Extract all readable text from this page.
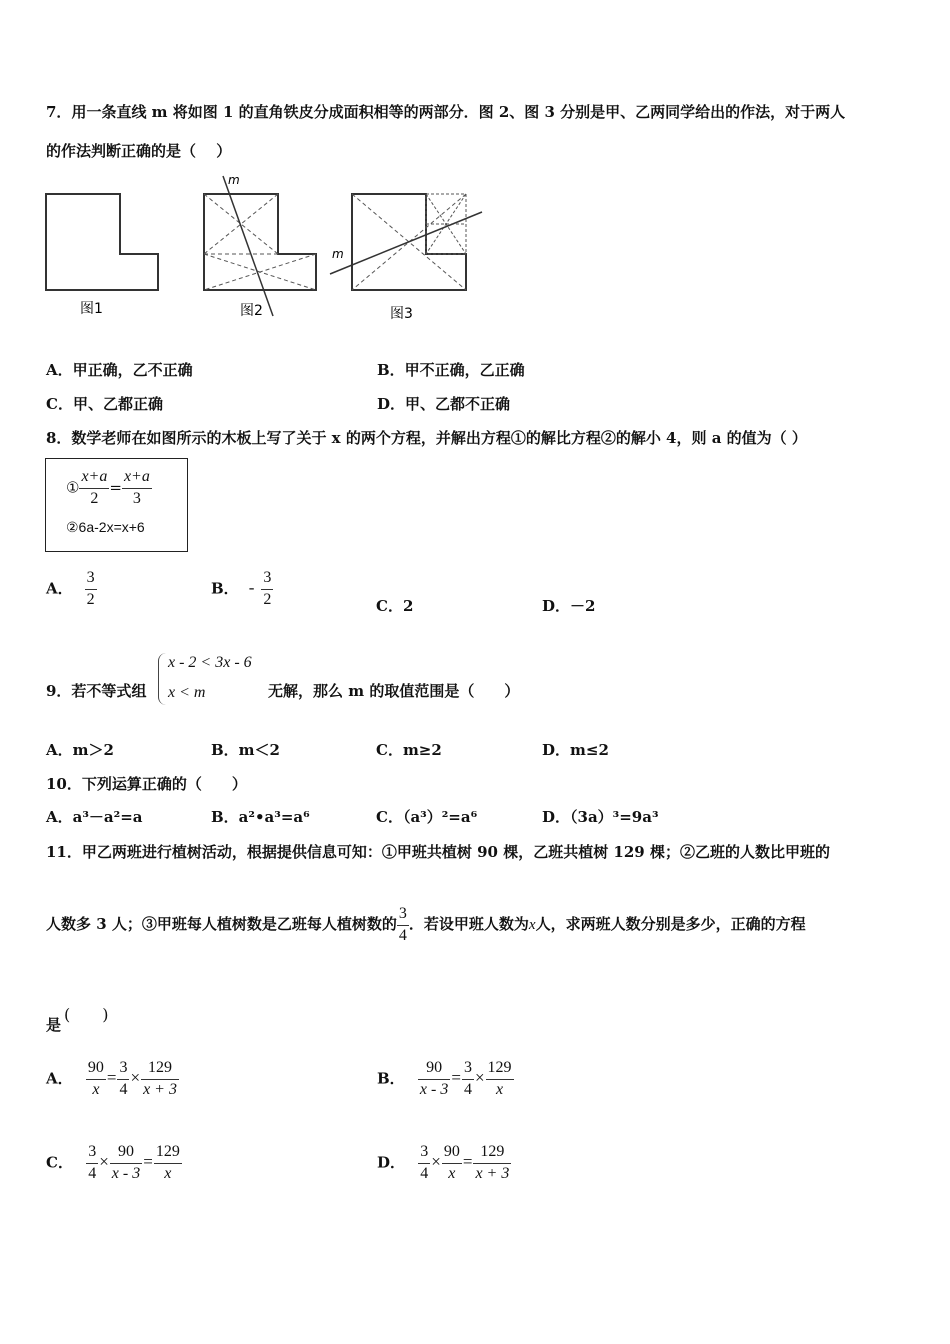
7．用一条直线 m 将如图 1 的直角铁皮分成面积相等的两部分．图 2、图 3 分别是甲、乙两同学给出的作法，对于两人
的作法判断正确的是（　 ）
图1
m
图2
m
图3
A．甲正确，乙不正确	B．甲不正确，乙正确
C．甲、乙都正确	D．甲、乙都不正确
8．数学老师在如图所示的木板上写了关于 x 的两个方程，并解出方程①的解比方程②的解小 4，则 a 的值为（ ）
① $\frac{x+a}{2} = \frac{x+a}{3}$
②6a-2x=x+6
A． $\frac{3}{2}$	B． - $\frac{3}{2}$	C．2	D．－2
9．若不等式组
x - 2 < 3x - 6
x < m	无解，那么 m 的取值范围是（　　）
A．m＞2	B．m＜2	C．m≥2	D．m≤2
10．下列运算正确的（　　）
A．a³－a²=a	B．a²•a³=a⁶	C．（a³）²=a⁶	D．（3a）³=9a³
11．甲乙两班进行植树活动，根据提供信息可知：①甲班共植树 90 棵，乙班共植树 129 棵；②乙班的人数比甲班的
人数多 3 人；③甲班每人植树数是乙班每人植树数的 $\frac{3}{4}$ ．若设甲班人数为x人，求两班人数分别是多少，正确的方程
是
(　　)
A． $\frac{90}{x} = \frac{3}{4} \times \frac{129}{x + 3}$	B． $\frac{90}{x - 3} = \frac{3}{4} \times \frac{129}{x}$
C． $\frac{3}{4} \times \frac{90}{x - 3} = \frac{129}{x}$	D． $\frac{3}{4} \times \frac{90}{x} = \frac{129}{x + 3}$
